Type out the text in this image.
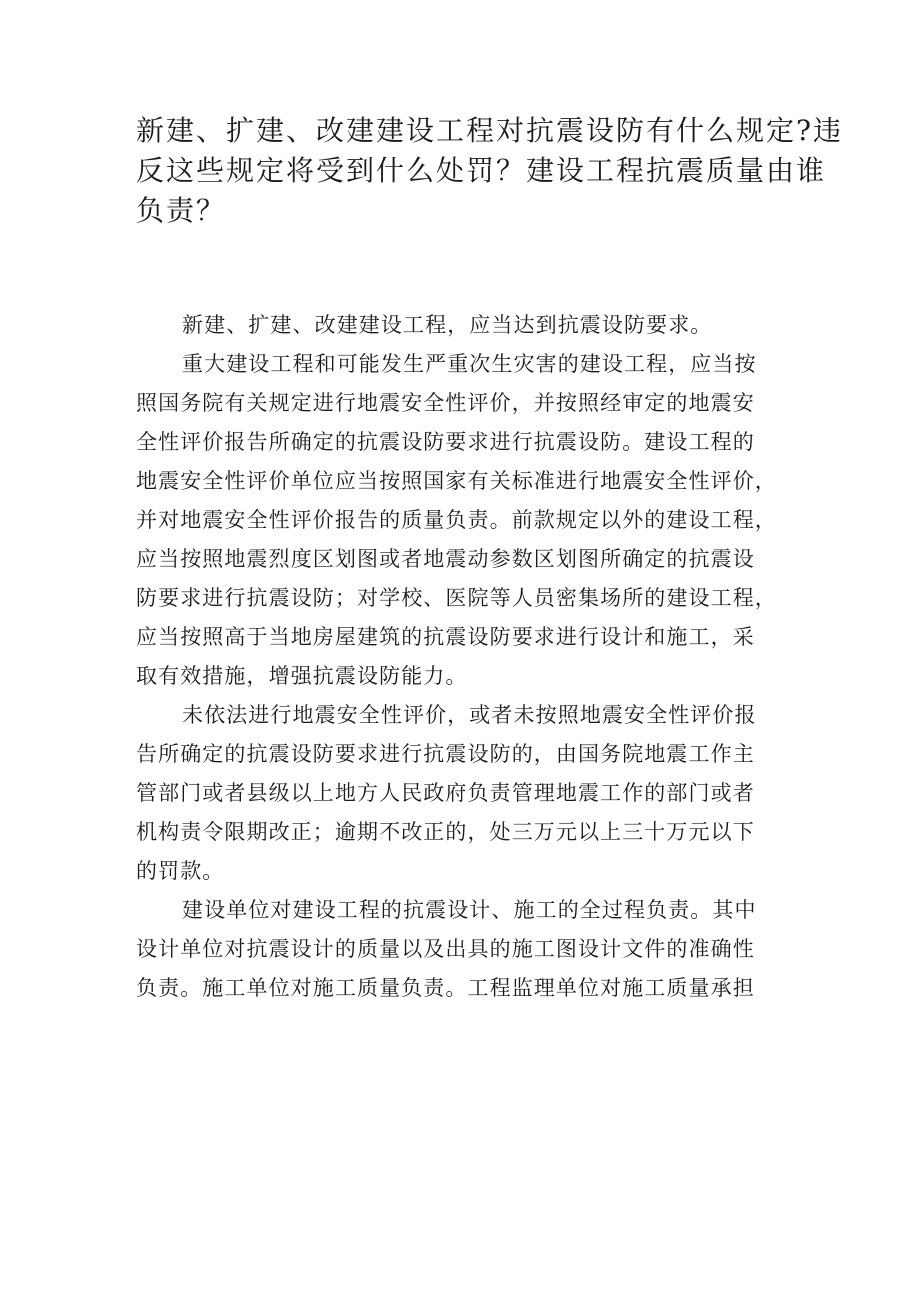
新建、扩建、改建建设工程对抗震设防有什么规定?违
反这些规定将受到什么处罚？建设工程抗震质量由谁
负责？
新建、扩建、改建建设工程，应当达到抗震设防要求。
重大建设工程和可能发生严重次生灾害的建设工程，应当按
照国务院有关规定进行地震安全性评价，并按照经审定的地震安
全性评价报告所确定的抗震设防要求进行抗震设防。建设工程的
地震安全性评价单位应当按照国家有关标准进行地震安全性评价，
并对地震安全性评价报告的质量负责。前款规定以外的建设工程，
应当按照地震烈度区划图或者地震动参数区划图所确定的抗震设
防要求进行抗震设防；对学校、医院等人员密集场所的建设工程，
应当按照高于当地房屋建筑的抗震设防要求进行设计和施工，采
取有效措施，增强抗震设防能力。
未依法进行地震安全性评价，或者未按照地震安全性评价报
告所确定的抗震设防要求进行抗震设防的，由国务院地震工作主
管部门或者县级以上地方人民政府负责管理地震工作的部门或者
机构责令限期改正；逾期不改正的，处三万元以上三十万元以下
的罚款。
建设单位对建设工程的抗震设计、施工的全过程负责。其中
设计单位对抗震设计的质量以及出具的施工图设计文件的准确性
负责。施工单位对施工质量负责。工程监理单位对施工质量承担
